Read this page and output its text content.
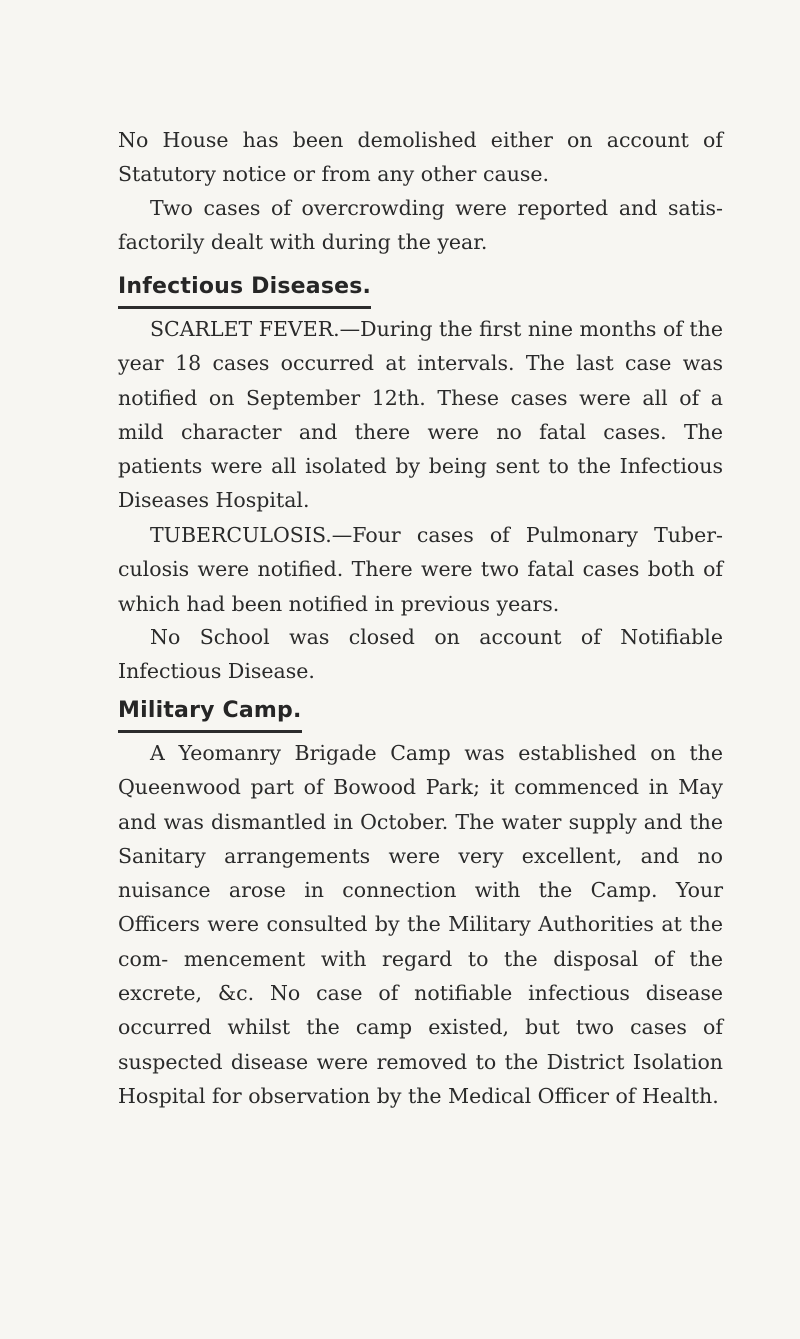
No House has been demolished either on account of Statutory notice or from any other cause.

Two cases of overcrowding were reported and satis- factorily dealt with during the year.

Infectious Diseases.

SCARLET FEVER.—During the first nine months of the year 18 cases occurred at intervals. The last case was notified on September 12th. These cases were all of a mild character and there were no fatal cases. The patients were all isolated by being sent to the Infectious Diseases Hospital.

TUBERCULOSIS.—Four cases of Pulmonary Tuber- culosis were notified. There were two fatal cases both of which had been notified in previous years.

No School was closed on account of Notifiable Infectious Disease.

Military Camp.

A Yeomanry Brigade Camp was established on the Queenwood part of Bowood Park; it commenced in May and was dismantled in October. The water supply and the Sanitary arrangements were very excellent, and no nuisance arose in connection with the Camp. Your Officers were consulted by the Military Authorities at the com- mencement with regard to the disposal of the excrete, &c. No case of notifiable infectious disease occurred whilst the camp existed, but two cases of suspected disease were removed to the District Isolation Hospital for observation by the Medical Officer of Health.
